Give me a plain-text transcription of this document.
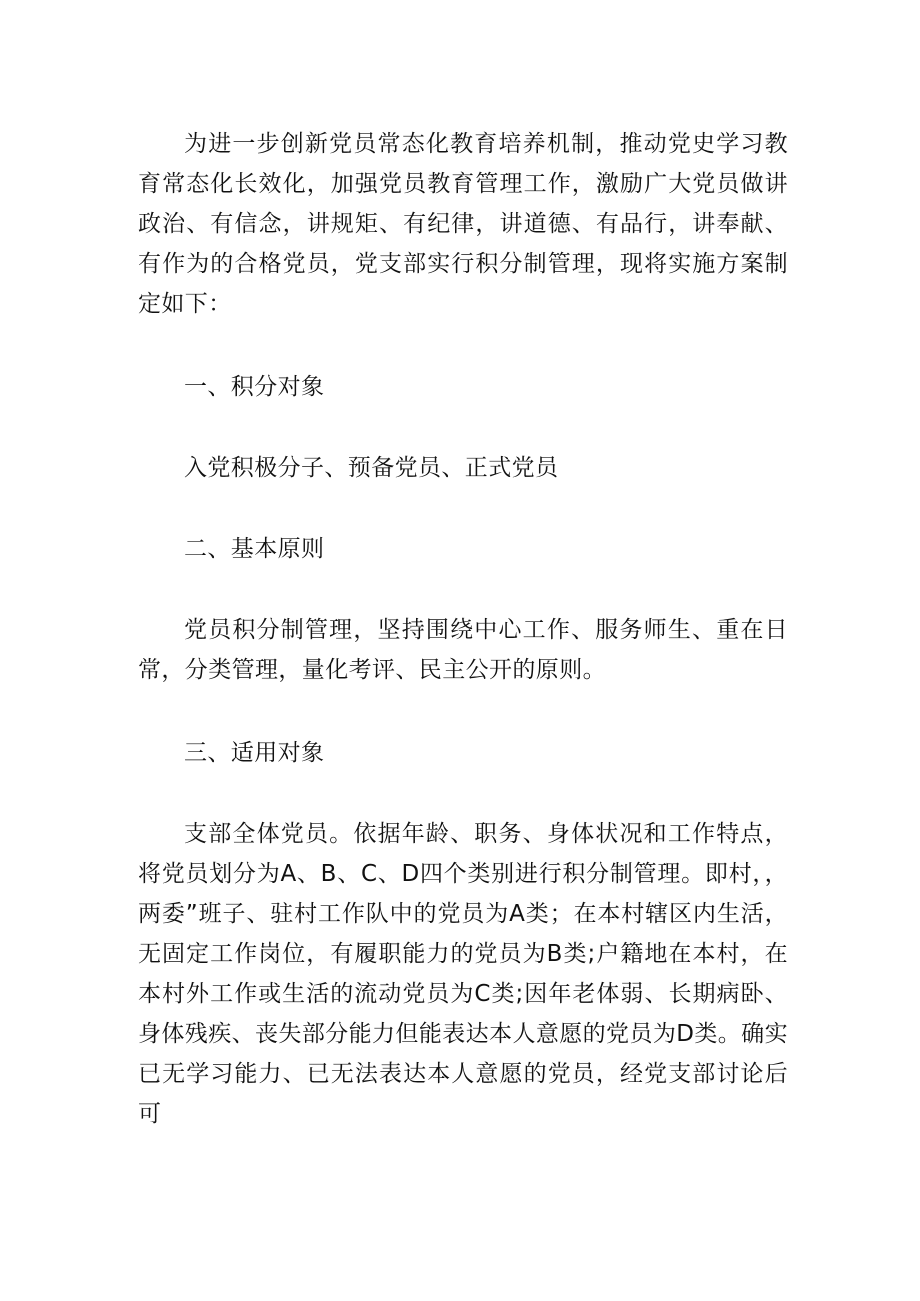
为进一步创新党员常态化教育培养机制，推动党史学习教育常态化长效化，加强党员教育管理工作，激励广大党员做讲政治、有信念，讲规矩、有纪律，讲道德、有品行，讲奉献、有作为的合格党员，党支部实行积分制管理，现将实施方案制定如下：

一、积分对象

入党积极分子、预备党员、正式党员

二、基本原则

党员积分制管理，坚持围绕中心工作、服务师生、重在日常，分类管理，量化考评、民主公开的原则。

三、适用对象

支部全体党员。依据年龄、职务、身体状况和工作特点，将党员划分为A、B、C、D四个类别进行积分制管理。即村，，两委”班子、驻村工作队中的党员为A类；在本村辖区内生活，无固定工作岗位，有履职能力的党员为B类;户籍地在本村，在本村外工作或生活的流动党员为C类;因年老体弱、长期病卧、身体残疾、丧失部分能力但能表达本人意愿的党员为D类。确实已无学习能力、已无法表达本人意愿的党员，经党支部讨论后可
